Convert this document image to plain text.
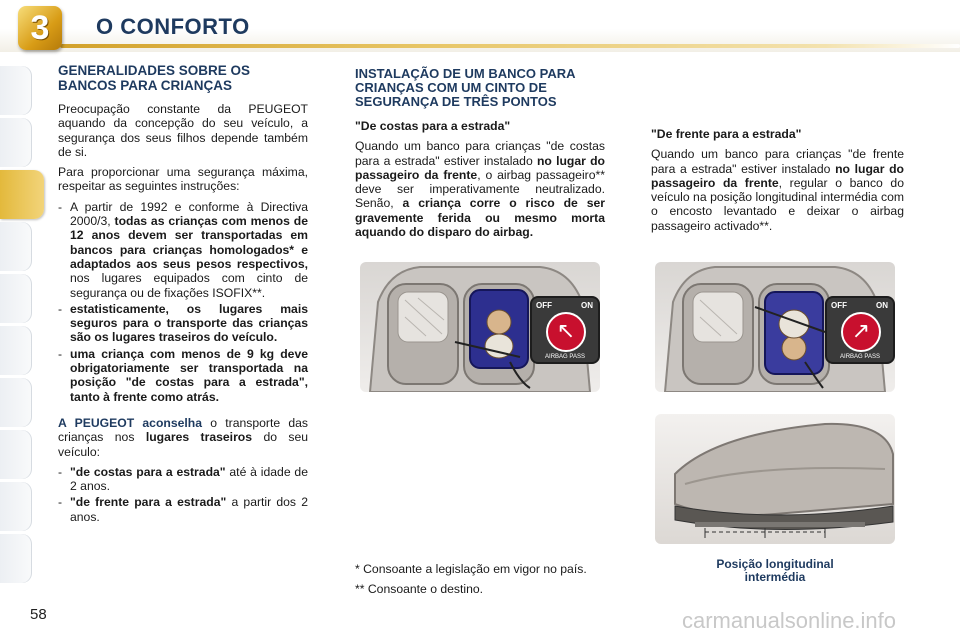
3	O CONFORTO
GENERALIDADES SOBRE OS BANCOS PARA CRIANÇAS

Preocupação constante da PEUGEOT aquando da concepção do seu veículo, a segurança dos seus filhos depende também de si.

Para proporcionar uma segurança máxima, respeitar as seguintes instruções:

- A partir de 1992 e conforme à Directiva 2000/3, todas as crianças com menos de 12 anos devem ser transportadas em bancos para crianças homologados* e adaptados aos seus pesos respectivos, nos lugares equipados com cinto de segurança ou de fixações ISOFIX**.
- estatisticamente, os lugares mais seguros para o transporte das crianças são os lugares traseiros do veículo.
- uma criança com menos de 9 kg deve obrigatoriamente ser transportada na posição "de costas para a estrada", tanto à frente como atrás.

A PEUGEOT aconselha o transporte das crianças nos lugares traseiros do seu veículo:

- "de costas para a estrada" até à idade de 2 anos.
- "de frente para a estrada" a partir dos 2 anos.
INSTALAÇÃO DE UM BANCO PARA CRIANÇAS COM UM CINTO DE SEGURANÇA DE TRÊS PONTOS

"De costas para a estrada"

Quando um banco para crianças "de costas para a estrada" estiver instalado no lugar do passageiro da frente, o airbag passageiro** deve ser imperativamente neutralizado. Senão, a criança corre o risco de ser gravemente ferida ou mesmo morta aquando do disparo do airbag.

OFF	ON
↖
AIRBAG PASS

* Consoante a legislação em vigor no país.

** Consoante o destino.

"De frente para a estrada"

Quando um banco para crianças "de frente para a estrada" estiver instalado no lugar do passageiro da frente, regular o banco do veículo na posição longitudinal intermédia com o encosto levantado e deixar o airbag passageiro activado**.

OFF	ON
↗
AIRBAG PASS
Posição longitudinal intermédia
58	carmanualsonline.info
